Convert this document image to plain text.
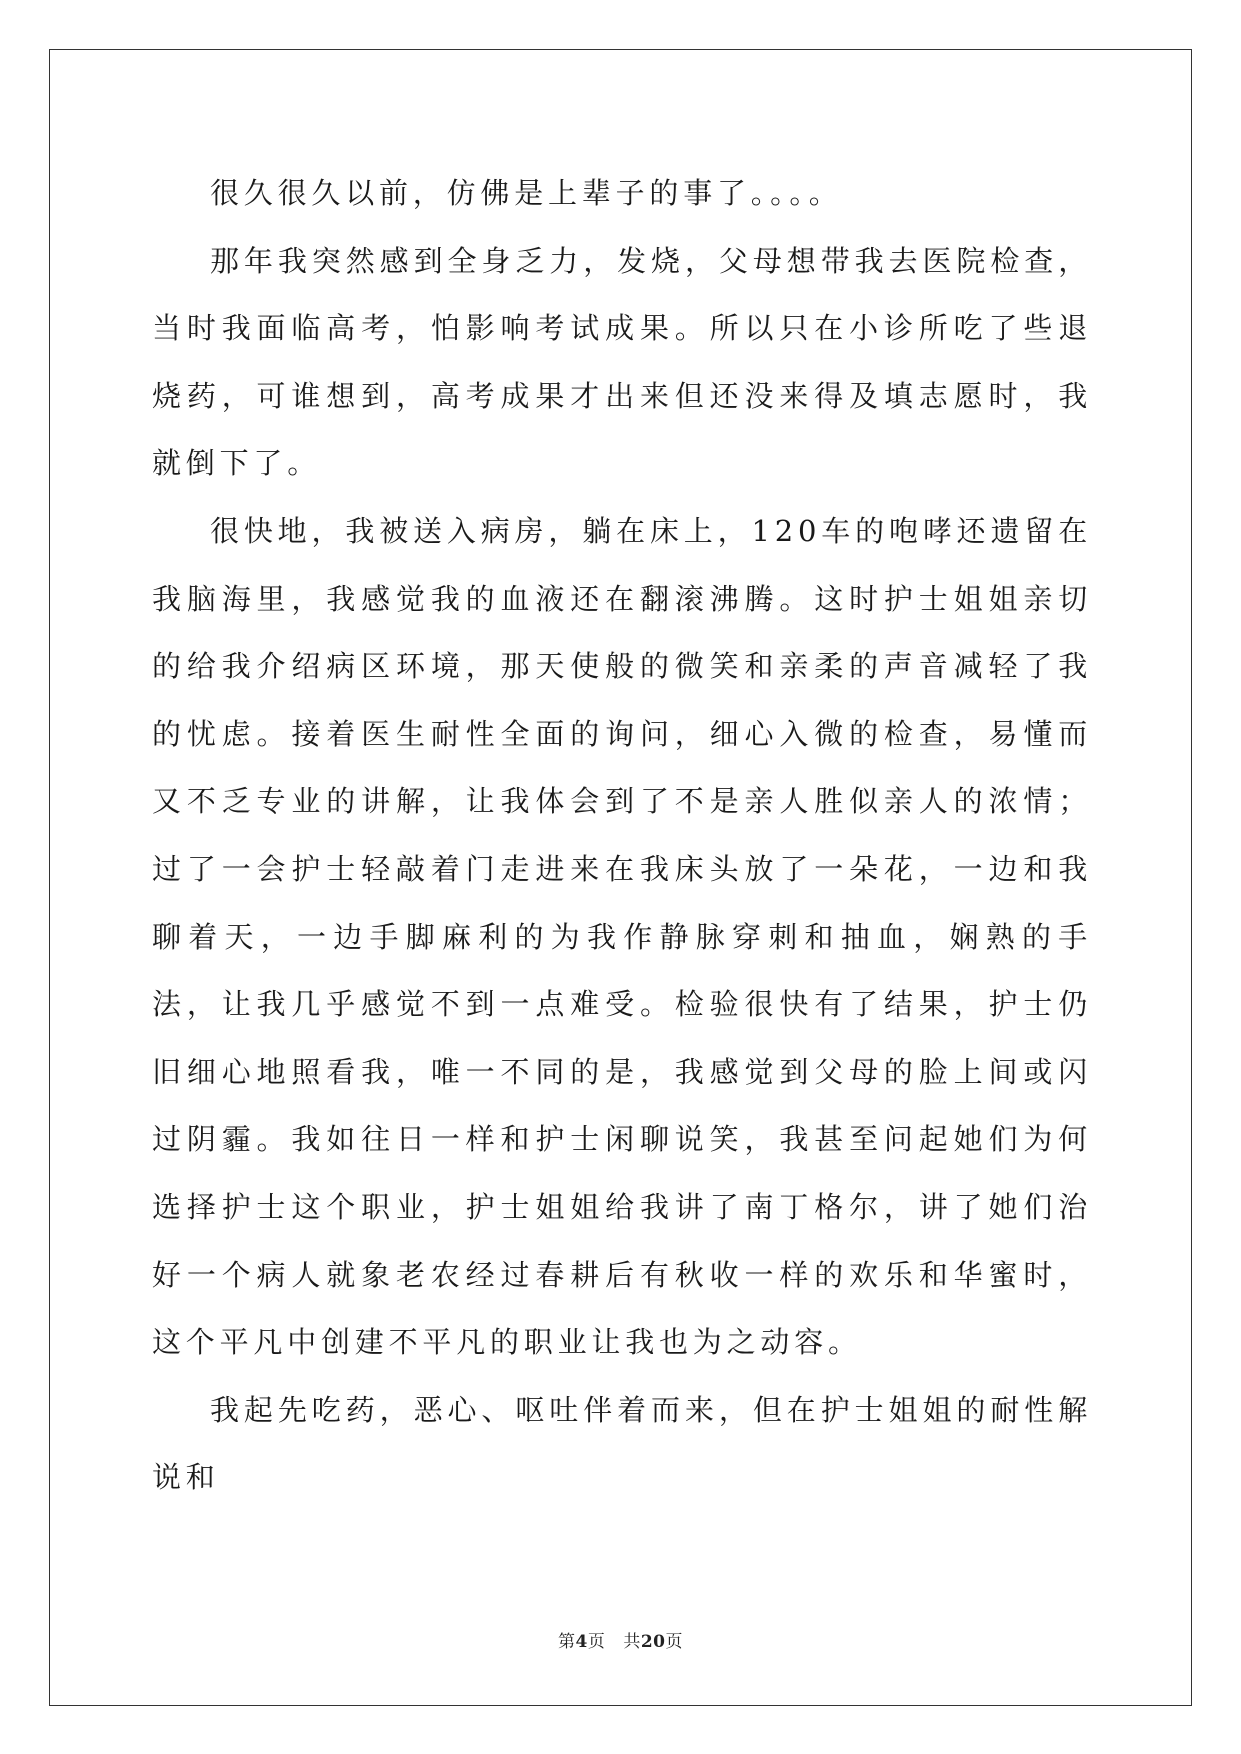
很久很久以前，仿佛是上辈子的事了。。。。

那年我突然感到全身乏力，发烧，父母想带我去医院检查，当时我面临高考，怕影响考试成果。所以只在小诊所吃了些退烧药，可谁想到，高考成果才出来但还没来得及填志愿时，我就倒下了。

很快地，我被送入病房，躺在床上，120车的咆哮还遗留在我脑海里，我感觉我的血液还在翻滚沸腾。这时护士姐姐亲切的给我介绍病区环境，那天使般的微笑和亲柔的声音减轻了我的忧虑。接着医生耐性全面的询问，细心入微的检查，易懂而又不乏专业的讲解，让我体会到了不是亲人胜似亲人的浓情；过了一会护士轻敲着门走进来在我床头放了一朵花，一边和我聊着天，一边手脚麻利的为我作静脉穿刺和抽血，娴熟的手法，让我几乎感觉不到一点难受。检验很快有了结果，护士仍旧细心地照看我，唯一不同的是，我感觉到父母的脸上间或闪过阴霾。我如往日一样和护士闲聊说笑，我甚至问起她们为何选择护士这个职业，护士姐姐给我讲了南丁格尔，讲了她们治好一个病人就象老农经过春耕后有秋收一样的欢乐和华蜜时，这个平凡中创建不平凡的职业让我也为之动容。

我起先吃药，恶心、呕吐伴着而来，但在护士姐姐的耐性解说和

第4页 共20页
